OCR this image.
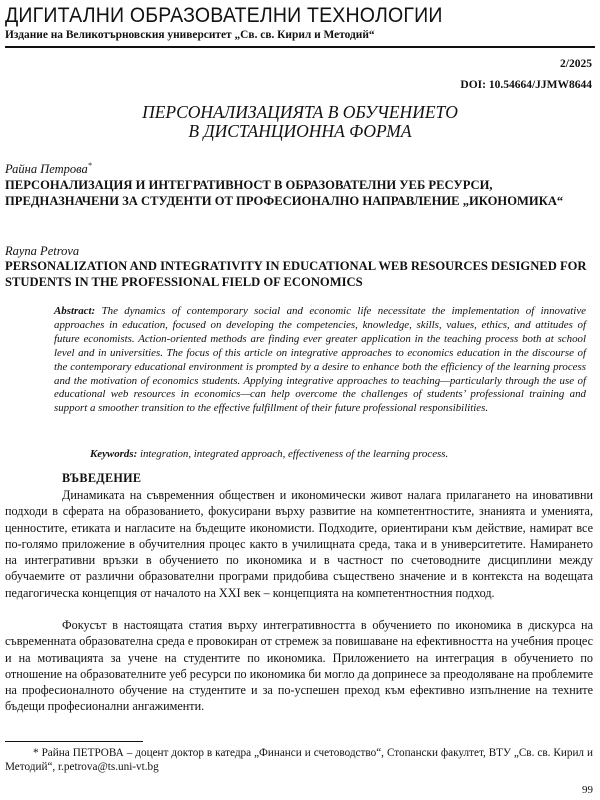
ДИГИТАЛНИ ОБРАЗОВАТЕЛНИ ТЕХНОЛОГИИ
Издание на Великотърновския университет „Св. св. Кирил и Методий“
2/2025
DOI: 10.54664/JJMW8644
ПЕРСОНАЛИЗАЦИЯТА В ОБУЧЕНИЕТО
В ДИСТАНЦИОННА ФОРМА
Райна Петрова*
ПЕРСОНАЛИЗАЦИЯ И ИНТЕГРАТИВНОСТ В ОБРАЗОВАТЕЛНИ УЕБ РЕСУРСИ, ПРЕДНАЗНАЧЕНИ ЗА СТУДЕНТИ ОТ ПРОФЕСИОНАЛНО НАПРАВЛЕНИЕ „ИКОНОМИКА“
Rayna Petrova
PERSONALIZATION AND INTEGRATIVITY IN EDUCATIONAL WEB RESOURCES DESIGNED FOR STUDENTS IN THE PROFESSIONAL FIELD OF ECONOMICS

Abstract: The dynamics of contemporary social and economic life necessitate the implementation of innovative approaches in education, focused on developing the competencies, knowledge, skills, values, ethics, and attitudes of future economists. Action-oriented methods are finding ever greater application in the teaching process both at school level and in universities. The focus of this article on integrative approaches to economics education in the discourse of the contemporary educational environment is prompted by a desire to enhance both the efficiency of the learning process and the motivation of economics students. Applying integrative approaches to teaching—particularly through the use of educational web resources in economics—can help overcome the challenges of students’ professional training and support a smoother transition to the effective fulfillment of their future professional responsibilities.

Keywords: integration, integrated approach, effectiveness of the learning process.

ВЪВЕДЕНИЕ

Динамиката на съвременния обществен и икономически живот налага прилагането на иновативни подходи в сферата на образованието, фокусирани върху развитие на компетентностите, знанията и уменията, ценностите, етиката и нагласите на бъдещите икономисти. Подходите, ориентирани към действие, намират все по-голямо приложение в обучителния процес както в училищната среда, така и в университетите. Намирането на интегративни връзки в обучението по икономика и в частност по счетоводните дисциплини между обучаемите от различни образователни програми придобива съществено значение и в контекста на водещата педагогическа концепция от началото на XXI век – концепцията на компетентностния подход.

Фокусът в настоящата статия върху интегративността в обучението по икономика в дискурса на съвременната образователна среда е провокиран от стремеж за повишаване на ефективността на учебния процес и на мотивацията за учене на студентите по икономика. Приложението на интеграция в обучението по отношение на образователните уеб ресурси по икономика би могло да допринесе за преодоляване на проблемите на професионалното обучение на студентите и за по-успешен преход към ефективно изпълнение на техните бъдещи професионални ангажименти.

* Райна ПЕТРОВА – доцент доктор в катедра „Финанси и счетоводство“, Стопански факултет, ВТУ „Св. св. Кирил и Методий“, r.petrova@ts.uni-vt.bg

99
